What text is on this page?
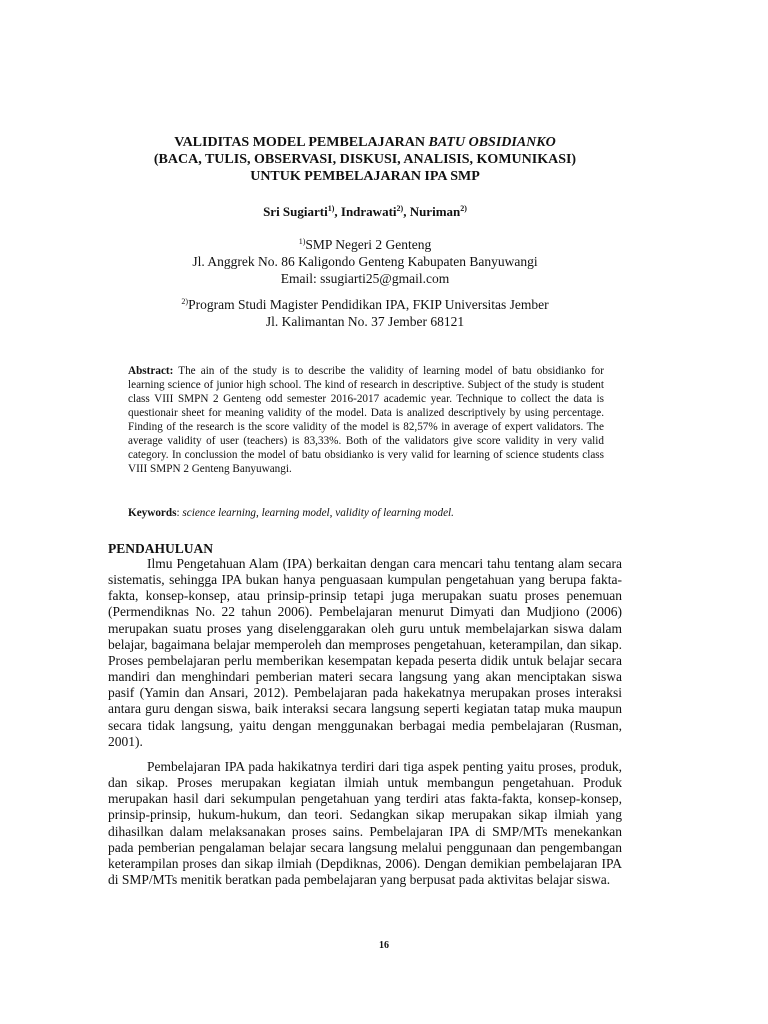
VALIDITAS MODEL PEMBELAJARAN BATU OBSIDIANKO
(BACA, TULIS, OBSERVASI, DISKUSI, ANALISIS, KOMUNIKASI)
UNTUK PEMBELAJARAN IPA SMP
Sri Sugiarti$^{1)}$, Indrawati$^{2)}$, Nuriman$^{2)}$
$^{1)}$SMP Negeri 2 Genteng
Jl. Anggrek No. 86 Kaligondo Genteng Kabupaten Banyuwangi
Email: ssugiarti25@gmail.com
$^{2)}$Program Studi Magister Pendidikan IPA, FKIP Universitas Jember
Jl. Kalimantan No. 37 Jember 68121
Abstract: The ain of the study is to describe the validity of learning model of batu obsidianko for learning science of junior high school. The kind of research in descriptive. Subject of the study is student class VIII SMPN 2 Genteng odd semester 2016-2017 academic year. Technique to collect the data is questionair sheet for meaning validity of the model. Data is analized descriptively by using percentage. Finding of the research is the score validity of the model is 82,57% in average of expert validators. The average validity of user (teachers) is 83,33%. Both of the validators give score validity in very valid category. In conclussion the model of batu obsidianko is very valid for learning of science students class VIII SMPN 2 Genteng Banyuwangi.
Keywords: science learning, learning model, validity of learning model.
PENDAHULUAN
Ilmu Pengetahuan Alam (IPA) berkaitan dengan cara mencari tahu tentang alam secara sistematis, sehingga IPA bukan hanya penguasaan kumpulan pengetahuan yang berupa fakta-fakta, konsep-konsep, atau prinsip-prinsip tetapi juga merupakan suatu proses penemuan (Permendiknas No. 22 tahun 2006). Pembelajaran menurut Dimyati dan Mudjiono (2006) merupakan suatu proses yang diselenggarakan oleh guru untuk membelajarkan siswa dalam belajar, bagaimana belajar memperoleh dan memproses pengetahuan, keterampilan, dan sikap. Proses pembelajaran perlu memberikan kesempatan kepada peserta didik untuk belajar secara mandiri dan menghindari pemberian materi secara langsung yang akan menciptakan siswa pasif (Yamin dan Ansari, 2012). Pembelajaran pada hakekatnya merupakan proses interaksi antara guru dengan siswa, baik interaksi secara langsung seperti kegiatan tatap muka maupun secara tidak langsung, yaitu dengan menggunakan berbagai media pembelajaran (Rusman, 2001).
Pembelajaran IPA pada hakikatnya terdiri dari tiga aspek penting yaitu proses, produk, dan sikap. Proses merupakan kegiatan ilmiah untuk membangun pengetahuan. Produk merupakan hasil dari sekumpulan pengetahuan yang terdiri atas fakta-fakta, konsep-konsep, prinsip-prinsip, hukum-hukum, dan teori. Sedangkan sikap merupakan sikap ilmiah yang dihasilkan dalam melaksanakan proses sains. Pembelajaran IPA di SMP/MTs menekankan pada pemberian pengalaman belajar secara langsung melalui penggunaan dan pengembangan keterampilan proses dan sikap ilmiah (Depdiknas, 2006). Dengan demikian pembelajaran IPA di SMP/MTs menitik beratkan pada pembelajaran yang berpusat pada aktivitas belajar siswa.
16
